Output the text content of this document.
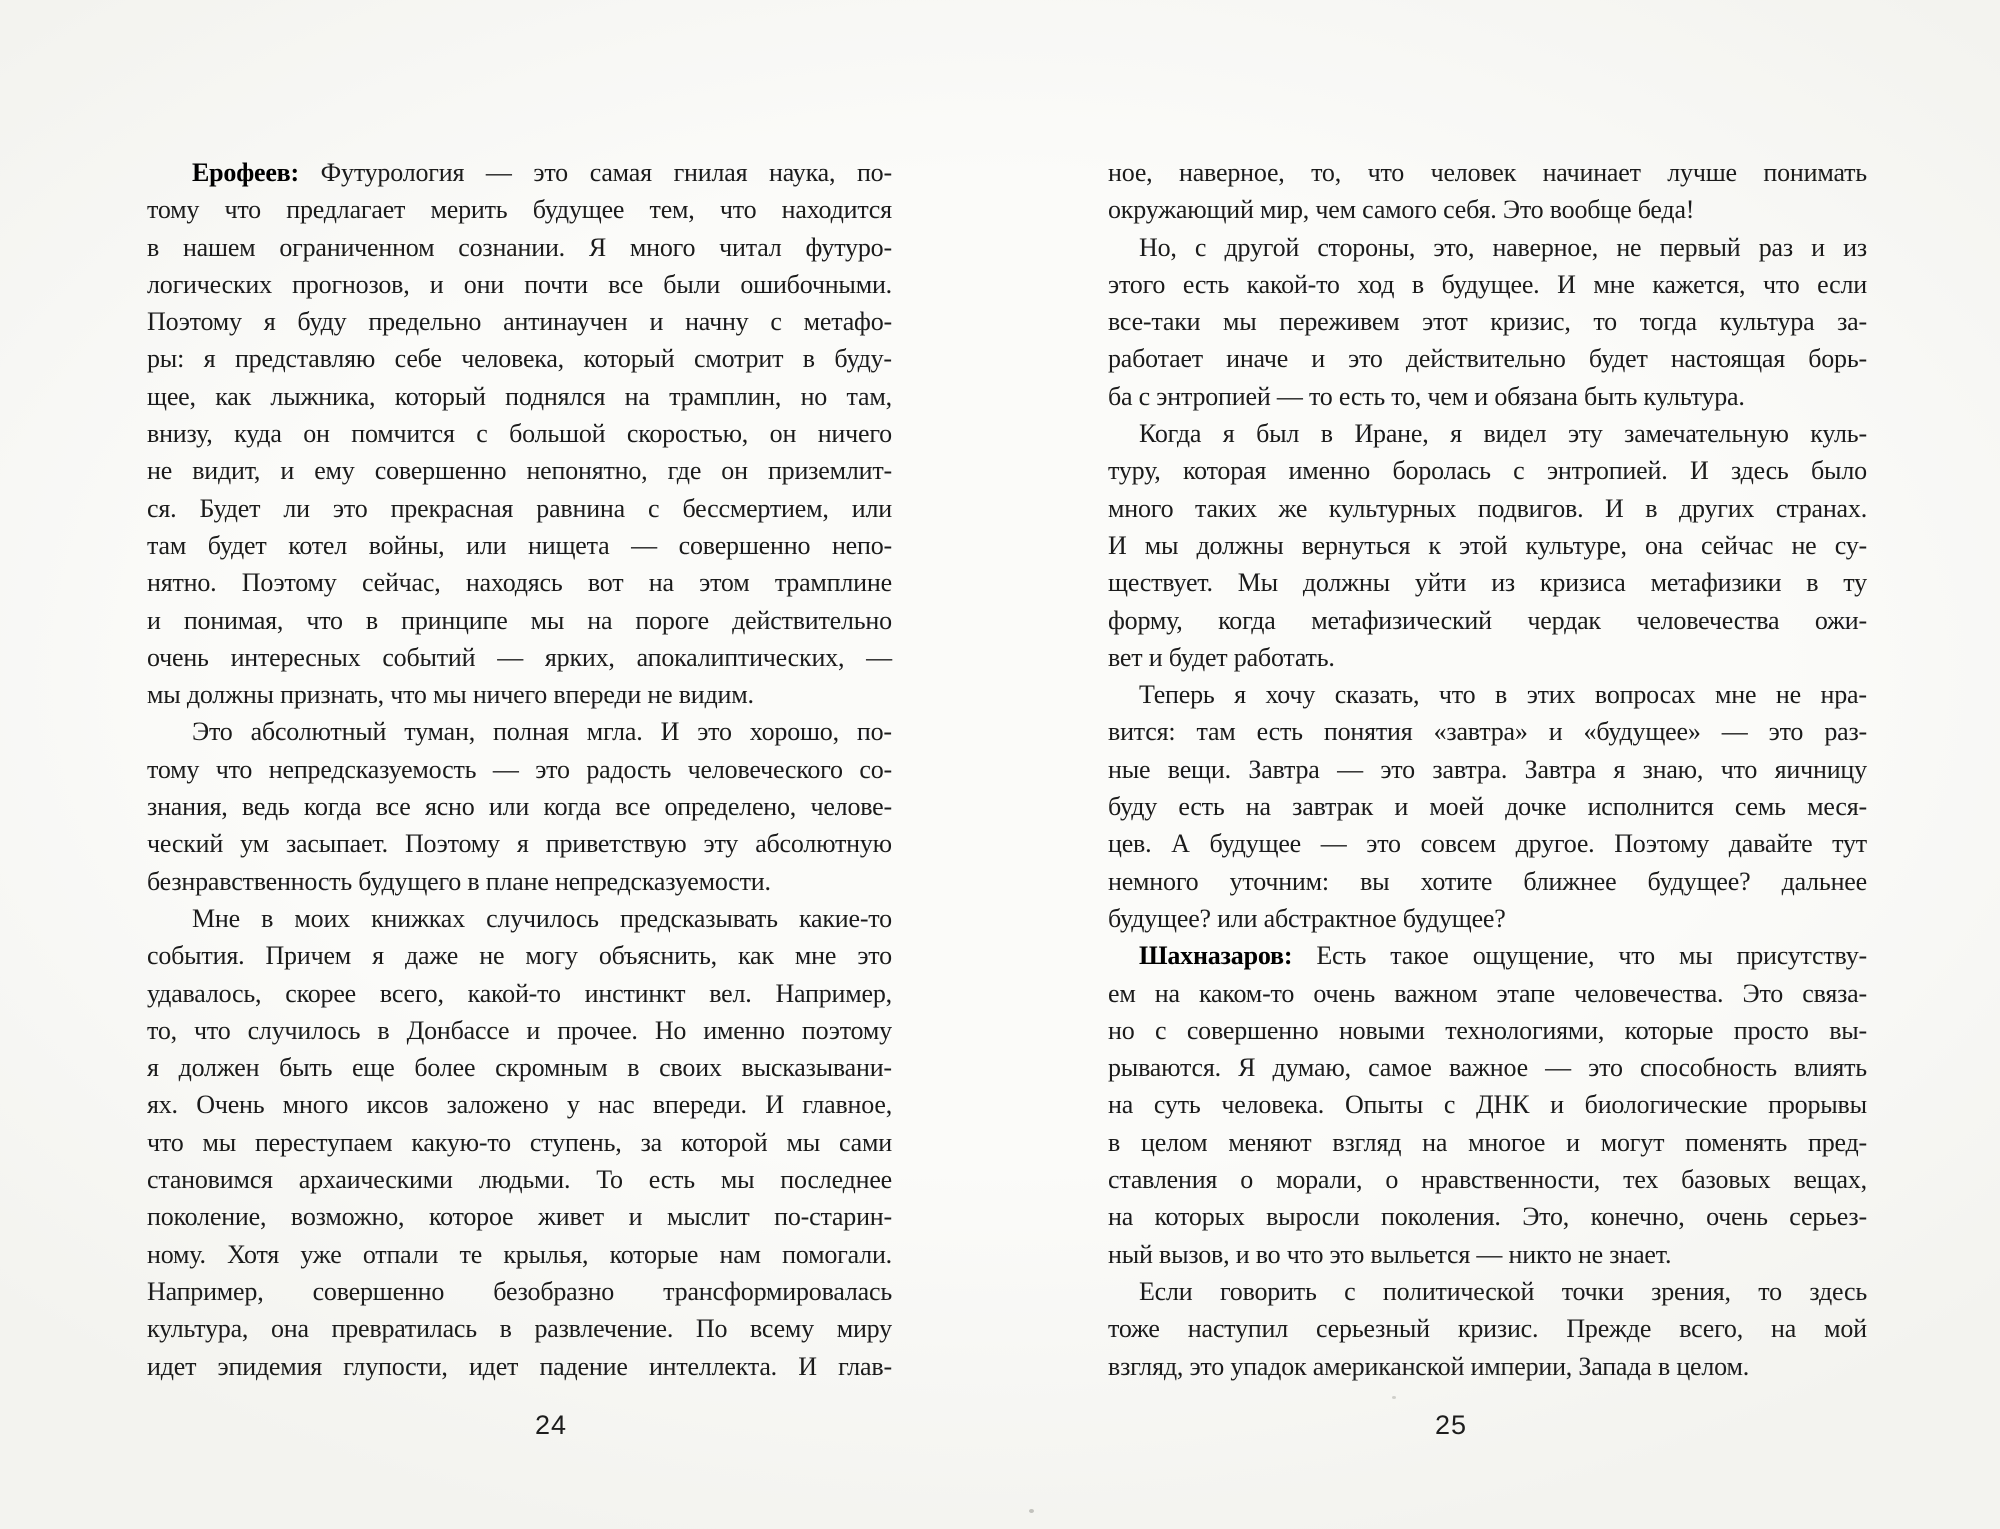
Ерофеев: Футурология — это самая гнилая наука, по-
тому что предлагает мерить будущее тем, что находится
в нашем ограниченном сознании. Я много читал футуро-
логических прогнозов, и они почти все были ошибочными.
Поэтому я буду предельно антинаучен и начну с метафо-
ры: я представляю себе человека, который смотрит в буду-
щее, как лыжника, который поднялся на трамплин, но там,
внизу, куда он помчится с большой скоростью, он ничего
не видит, и ему совершенно непонятно, где он приземлит-
ся. Будет ли это прекрасная равнина с бессмертием, или
там будет котел войны, или нищета — совершенно непо-
нятно. Поэтому сейчас, находясь вот на этом трамплине
и понимая, что в принципе мы на пороге действительно
очень интересных событий — ярких, апокалиптических, —
мы должны признать, что мы ничего впереди не видим.
Это абсолютный туман, полная мгла. И это хорошо, по-
тому что непредсказуемость — это радость человеческого со-
знания, ведь когда все ясно или когда все определено, челове-
ческий ум засыпает. Поэтому я приветствую эту абсолютную
безнравственность будущего в плане непредсказуемости.
Мне в моих книжках случилось предсказывать какие-то
события. Причем я даже не могу объяснить, как мне это
удавалось, скорее всего, какой-то инстинкт вел. Например,
то, что случилось в Донбассе и прочее. Но именно поэтому
я должен быть еще более скромным в своих высказывани-
ях. Очень много иксов заложено у нас впереди. И главное,
что мы переступаем какую-то ступень, за которой мы сами
становимся архаическими людьми. То есть мы последнее
поколение, возможно, которое живет и мыслит по-старин-
ному. Хотя уже отпали те крылья, которые нам помогали.
Например, совершенно безобразно трансформировалась
культура, она превратилась в развлечение. По всему миру
идет эпидемия глупости, идет падение интеллекта. И глав-
ное, наверное, то, что человек начинает лучше понимать
окружающий мир, чем самого себя. Это вообще беда!
Но, с другой стороны, это, наверное, не первый раз и из
этого есть какой-то ход в будущее. И мне кажется, что если
все-таки мы переживем этот кризис, то тогда культура за-
работает иначе и это действительно будет настоящая борь-
ба с энтропией — то есть то, чем и обязана быть культура.
Когда я был в Иране, я видел эту замечательную куль-
туру, которая именно боролась с энтропией. И здесь было
много таких же культурных подвигов. И в других странах.
И мы должны вернуться к этой культуре, она сейчас не су-
ществует. Мы должны уйти из кризиса метафизики в ту
форму, когда метафизический чердак человечества ожи-
вет и будет работать.
Теперь я хочу сказать, что в этих вопросах мне не нра-
вится: там есть понятия «завтра» и «будущее» — это раз-
ные вещи. Завтра — это завтра. Завтра я знаю, что яичницу
буду есть на завтрак и моей дочке исполнится семь меся-
цев. А будущее — это совсем другое. Поэтому давайте тут
немного уточним: вы хотите ближнее будущее? дальнее
будущее? или абстрактное будущее?
Шахназаров: Есть такое ощущение, что мы присутству-
ем на каком-то очень важном этапе человечества. Это связа-
но с совершенно новыми технологиями, которые просто вы-
рываются. Я думаю, самое важное — это способность влиять
на суть человека. Опыты с ДНК и биологические прорывы
в целом меняют взгляд на многое и могут поменять пред-
ставления о морали, о нравственности, тех базовых вещах,
на которых выросли поколения. Это, конечно, очень серьез-
ный вызов, и во что это выльется — никто не знает.
Если говорить с политической точки зрения, то здесь
тоже наступил серьезный кризис. Прежде всего, на мой
взгляд, это упадок американской империи, Запада в целом.
24	25
